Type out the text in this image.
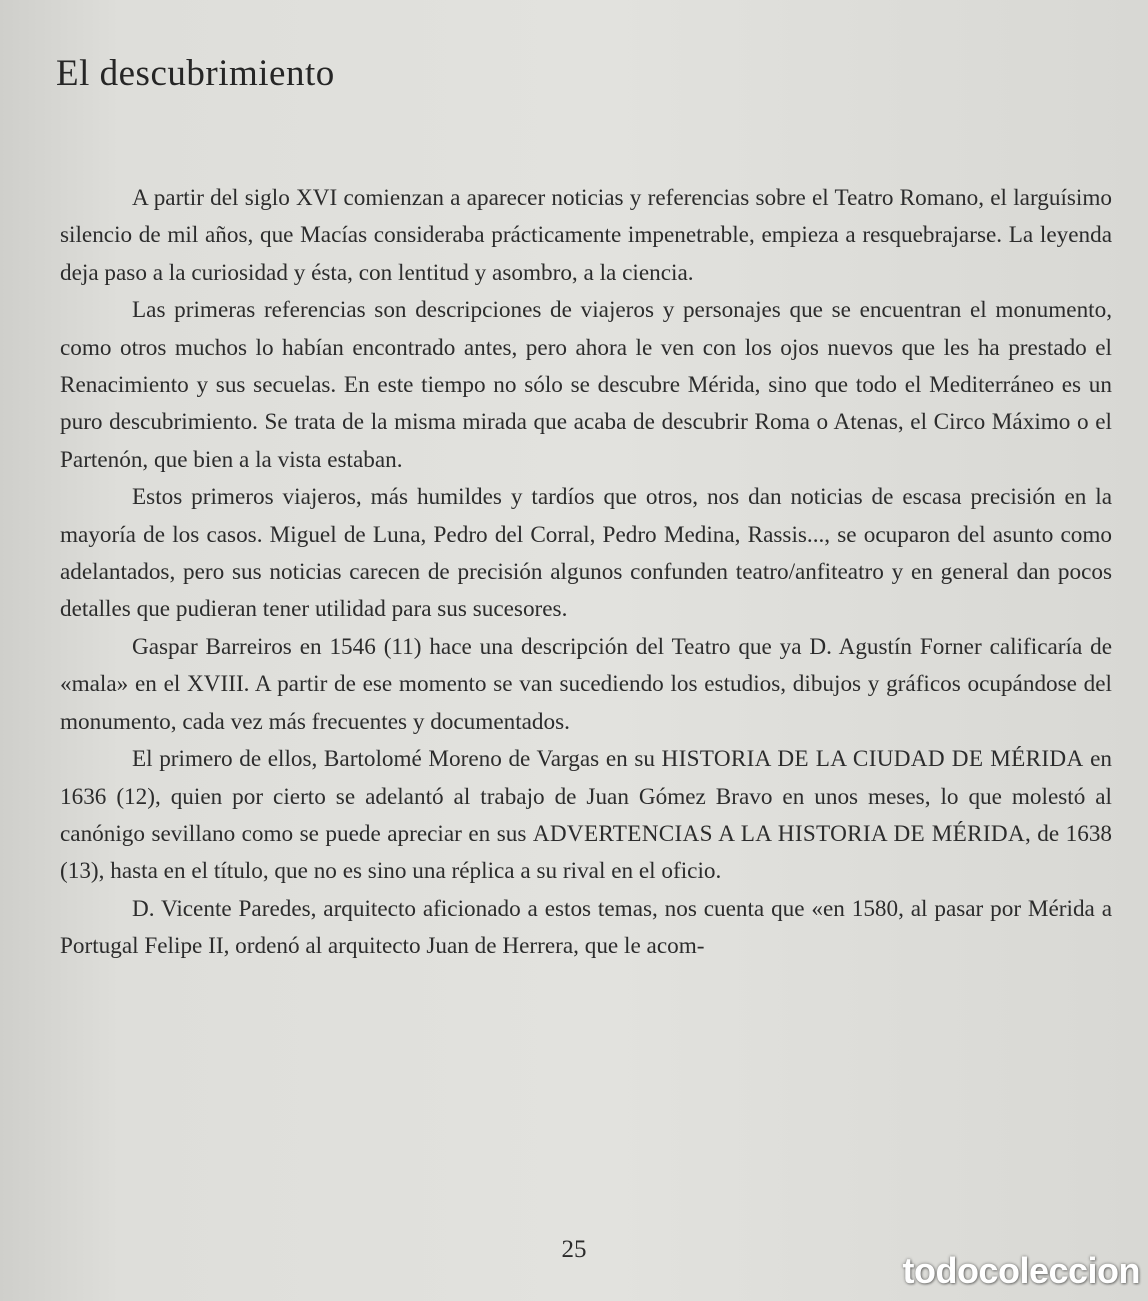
El descubrimiento

A partir del siglo XVI comienzan a aparecer noticias y referencias sobre el Teatro Romano, el larguísimo silencio de mil años, que Macías consideraba prácticamente impenetrable, empieza a resquebrajarse. La leyenda deja paso a la curiosidad y ésta, con lentitud y asombro, a la ciencia.

Las primeras referencias son descripciones de viajeros y personajes que se encuentran el monumento, como otros muchos lo habían encontrado antes, pero ahora le ven con los ojos nuevos que les ha prestado el Renacimiento y sus secuelas. En este tiempo no sólo se descubre Mérida, sino que todo el Mediterráneo es un puro descubrimiento. Se trata de la misma mirada que acaba de descubrir Roma o Atenas, el Circo Máximo o el Partenón, que bien a la vista estaban.

Estos primeros viajeros, más humildes y tardíos que otros, nos dan noticias de escasa precisión en la mayoría de los casos. Miguel de Luna, Pedro del Corral, Pedro Medina, Rassis..., se ocuparon del asunto como adelantados, pero sus noticias carecen de precisión algunos confunden teatro/anfiteatro y en general dan pocos detalles que pudieran tener utilidad para sus sucesores.

Gaspar Barreiros en 1546 (11) hace una descripción del Teatro que ya D. Agustín Forner calificaría de «mala» en el XVIII. A partir de ese momento se van sucediendo los estudios, dibujos y gráficos ocupándose del monumento, cada vez más frecuentes y documentados.

El primero de ellos, Bartolomé Moreno de Vargas en su HISTORIA DE LA CIUDAD DE MÉRIDA en 1636 (12), quien por cierto se adelantó al trabajo de Juan Gómez Bravo en unos meses, lo que molestó al canónigo sevillano como se puede apreciar en sus ADVERTENCIAS A LA HISTORIA DE MÉRIDA, de 1638 (13), hasta en el título, que no es sino una réplica a su rival en el oficio.

D. Vicente Paredes, arquitecto aficionado a estos temas, nos cuenta que «en 1580, al pasar por Mérida a Portugal Felipe II, ordenó al arquitecto Juan de Herrera, que le acom-

25
todocoleccion
